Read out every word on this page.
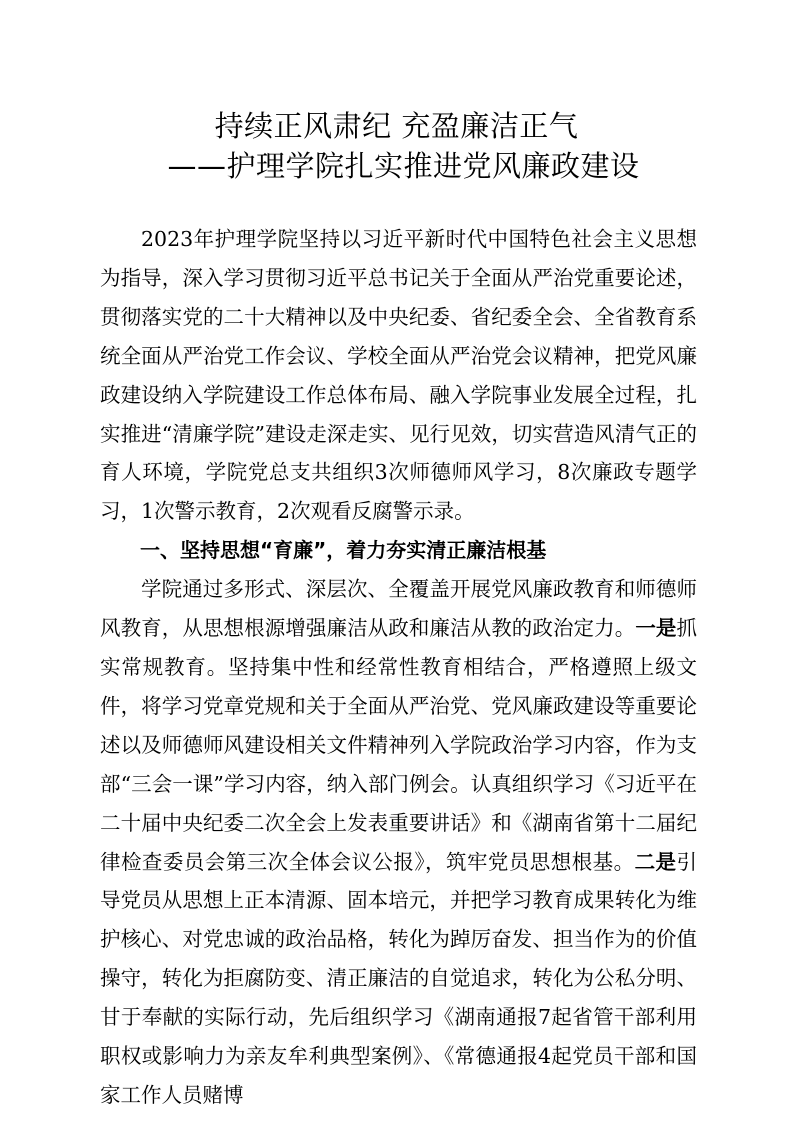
持续正风肃纪 充盈廉洁正气
——护理学院扎实推进党风廉政建设

2023年护理学院坚持以习近平新时代中国特色社会主义思想为指导，深入学习贯彻习近平总书记关于全面从严治党重要论述，贯彻落实党的二十大精神以及中央纪委、省纪委全会、全省教育系统全面从严治党工作会议、学校全面从严治党会议精神，把党风廉政建设纳入学院建设工作总体布局、融入学院事业发展全过程，扎实推进“清廉学院”建设走深走实、见行见效，切实营造风清气正的育人环境，学院党总支共组织3次师德师风学习，8次廉政专题学习，1次警示教育，2次观看反腐警示录。

一、坚持思想“育廉”，着力夯实清正廉洁根基

学院通过多形式、深层次、全覆盖开展党风廉政教育和师德师风教育，从思想根源增强廉洁从政和廉洁从教的政治定力。一是抓实常规教育。坚持集中性和经常性教育相结合，严格遵照上级文件，将学习党章党规和关于全面从严治党、党风廉政建设等重要论述以及师德师风建设相关文件精神列入学院政治学习内容，作为支部“三会一课”学习内容，纳入部门例会。认真组织学习《习近平在二十届中央纪委二次全会上发表重要讲话》和《湖南省第十二届纪律检查委员会第三次全体会议公报》，筑牢党员思想根基。二是引导党员从思想上正本清源、固本培元，并把学习教育成果转化为维护核心、对党忠诚的政治品格，转化为踔厉奋发、担当作为的价值操守，转化为拒腐防变、清正廉洁的自觉追求，转化为公私分明、甘于奉献的实际行动，先后组织学习《湖南通报7起省管干部利用职权或影响力为亲友牟利典型案例》、《常德通报4起党员干部和国家工作人员赌博
